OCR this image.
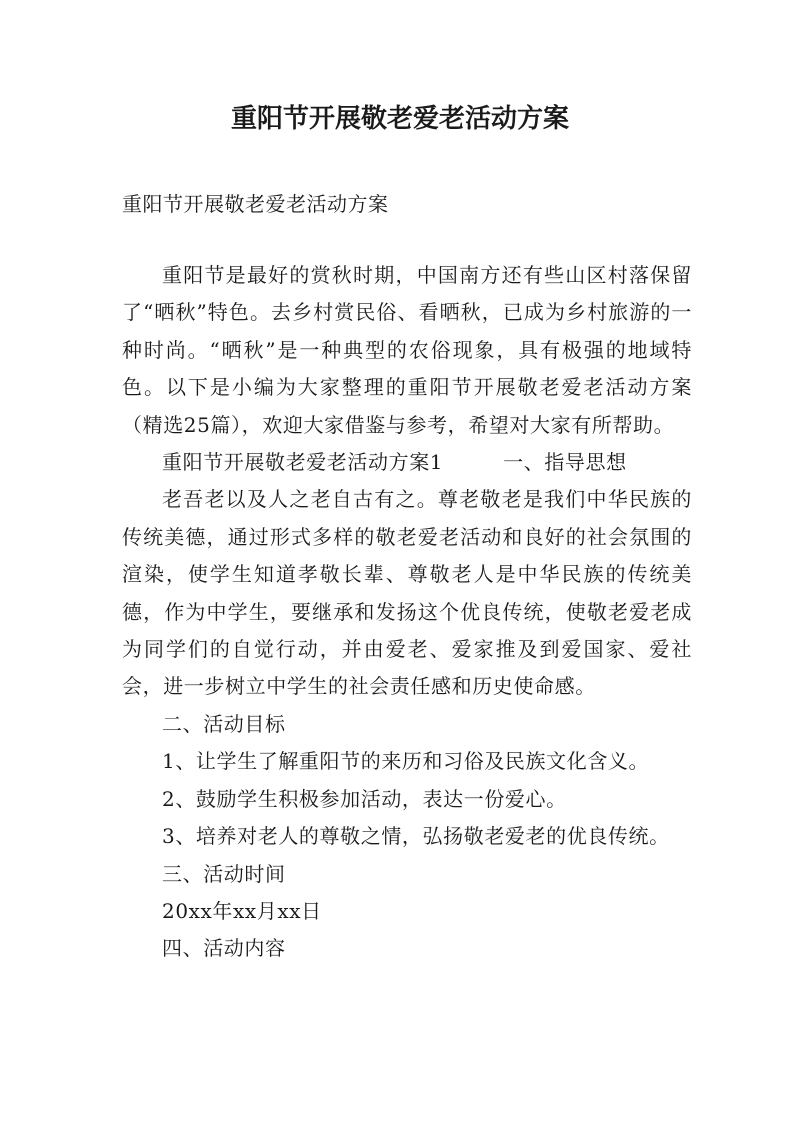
重阳节开展敬老爱老活动方案
重阳节开展敬老爱老活动方案

重阳节是最好的赏秋时期，中国南方还有些山区村落保留了“晒秋”特色。去乡村赏民俗、看晒秋，已成为乡村旅游的一种时尚。“晒秋”是一种典型的农俗现象，具有极强的地域特色。以下是小编为大家整理的重阳节开展敬老爱老活动方案（精选25篇），欢迎大家借鉴与参考，希望对大家有所帮助。

重阳节开展敬老爱老活动方案1	一、指导思想

老吾老以及人之老自古有之。尊老敬老是我们中华民族的传统美德，通过形式多样的敬老爱老活动和良好的社会氛围的渲染，使学生知道孝敬长辈、尊敬老人是中华民族的传统美德，作为中学生，要继承和发扬这个优良传统，使敬老爱老成为同学们的自觉行动，并由爱老、爱家推及到爱国家、爱社会，进一步树立中学生的社会责任感和历史使命感。

二、活动目标

1、让学生了解重阳节的来历和习俗及民族文化含义。

2、鼓励学生积极参加活动，表达一份爱心。

3、培养对老人的尊敬之情，弘扬敬老爱老的优良传统。

三、活动时间

20xx年xx月xx日

四、活动内容
